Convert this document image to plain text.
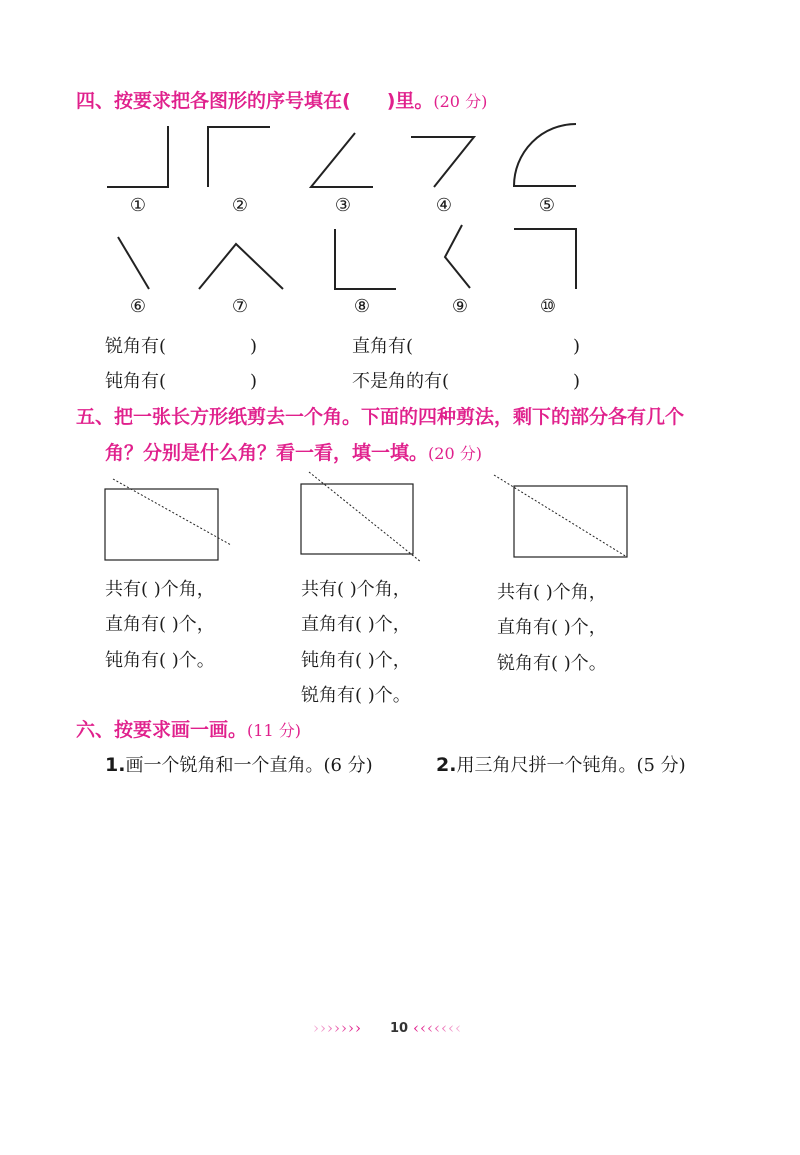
四、按要求把各图形的序号填在( )里。(20 分)
①	②	③	④	⑤
⑥	⑦	⑧	⑨	⑩
锐角有(	)	直角有(	)
钝角有(	)	不是角的有(	)
五、把一张长方形纸剪去一个角。下面的四种剪法，剩下的部分各有几个
角？分别是什么角？看一看，填一填。(20 分)
共有( )个角，
直角有( )个，
钝角有( )个。
共有( )个角，
直角有( )个，
钝角有( )个，
锐角有( )个。
共有( )个角，
直角有( )个，
锐角有( )个。
六、按要求画一画。(11 分)
1.画一个锐角和一个直角。(6 分)	2.用三角尺拼一个钝角。(5 分)
››››››› 10 ‹‹‹‹‹‹‹
